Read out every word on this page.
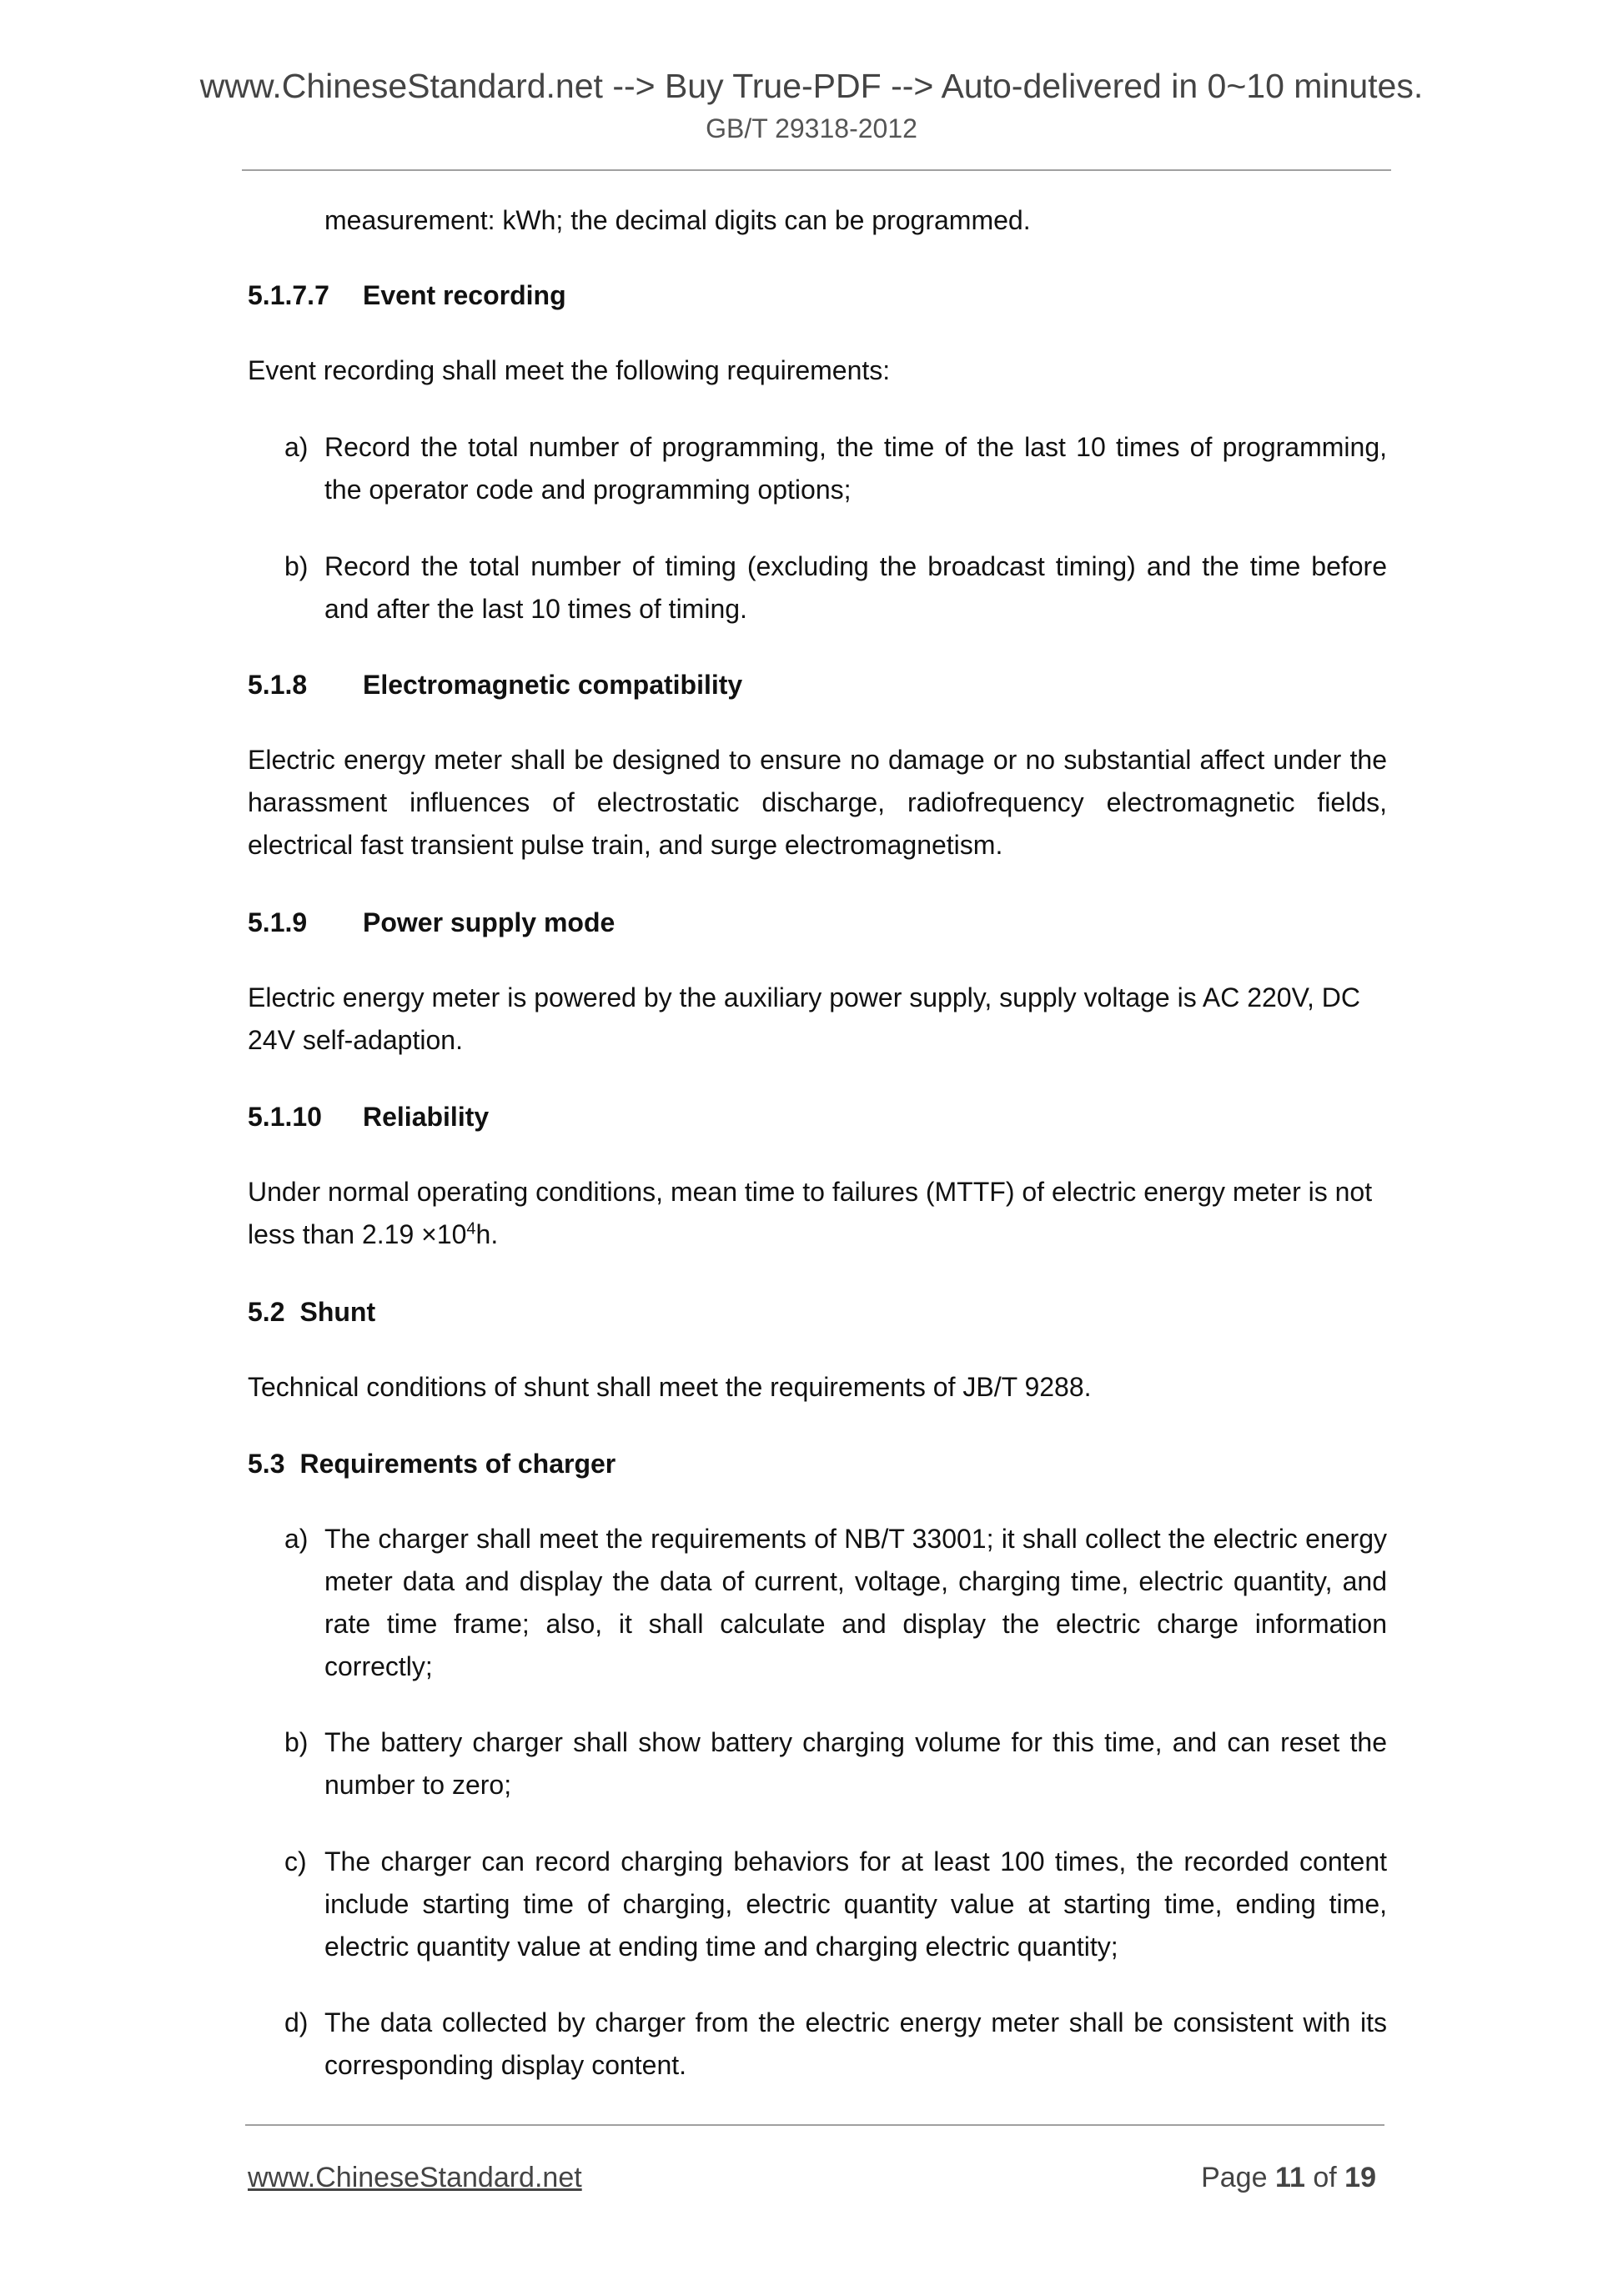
www.ChineseStandard.net --> Buy True-PDF --> Auto-delivered in 0~10 minutes.
GB/T 29318-2012
measurement: kWh; the decimal digits can be programmed.
5.1.7.7 Event recording
Event recording shall meet the following requirements:
a) Record the total number of programming, the time of the last 10 times of programming, the operator code and programming options;
b) Record the total number of timing (excluding the broadcast timing) and the time before and after the last 10 times of timing.
5.1.8 Electromagnetic compatibility
Electric energy meter shall be designed to ensure no damage or no substantial affect under the harassment influences of electrostatic discharge, radiofrequency electromagnetic fields, electrical fast transient pulse train, and surge electromagnetism.
5.1.9 Power supply mode
Electric energy meter is powered by the auxiliary power supply, supply voltage is AC 220V, DC 24V self-adaption.
5.1.10 Reliability
Under normal operating conditions, mean time to failures (MTTF) of electric energy meter is not less than $2.19 \times 10^4h$.
5.2 Shunt
Technical conditions of shunt shall meet the requirements of JB/T 9288.
5.3 Requirements of charger
a) The charger shall meet the requirements of NB/T 33001; it shall collect the electric energy meter data and display the data of current, voltage, charging time, electric quantity, and rate time frame; also, it shall calculate and display the electric charge information correctly;
b) The battery charger shall show battery charging volume for this time, and can reset the number to zero;
c) The charger can record charging behaviors for at least 100 times, the recorded content include starting time of charging, electric quantity value at starting time, ending time, electric quantity value at ending time and charging electric quantity;
d) The data collected by charger from the electric energy meter shall be consistent with its corresponding display content.
www.ChineseStandard.net	Page 11 of 19
